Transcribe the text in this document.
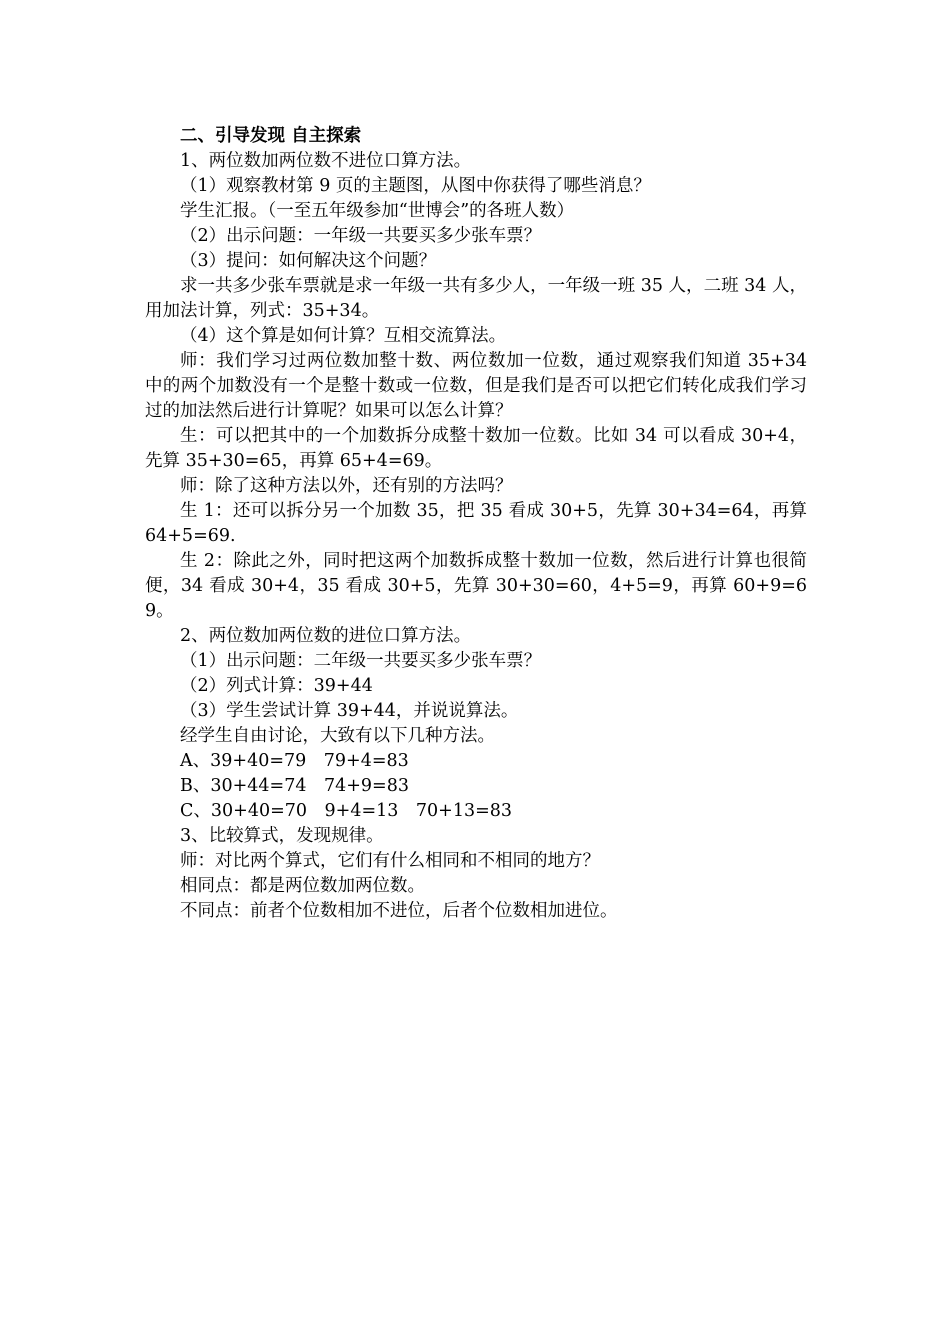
二、引导发现 自主探索

1、两位数加两位数不进位口算方法。

（1）观察教材第 9 页的主题图，从图中你获得了哪些消息？

学生汇报。（一至五年级参加“世博会”的各班人数）

（2）出示问题：一年级一共要买多少张车票？

（3）提问：如何解决这个问题？

求一共多少张车票就是求一年级一共有多少人，一年级一班 35 人，二班 34 人，用加法计算，列式：35+34。

（4）这个算是如何计算？互相交流算法。

师：我们学习过两位数加整十数、两位数加一位数，通过观察我们知道 35+34 中的两个加数没有一个是整十数或一位数，但是我们是否可以把它们转化成我们学习过的加法然后进行计算呢？如果可以怎么计算？

生：可以把其中的一个加数拆分成整十数加一位数。比如 34 可以看成 30+4，先算 35+30=65，再算 65+4=69。

师：除了这种方法以外，还有别的方法吗？

生 1：还可以拆分另一个加数 35，把 35 看成 30+5，先算 30+34=64，再算 64+5=69.

生 2：除此之外，同时把这两个加数拆成整十数加一位数，然后进行计算也很简便，34 看成 30+4，35 看成 30+5，先算 30+30=60，4+5=9，再算 60+9=69。

2、两位数加两位数的进位口算方法。

（1）出示问题：二年级一共要买多少张车票？

（2）列式计算：39+44

（3）学生尝试计算 39+44，并说说算法。

经学生自由讨论，大致有以下几种方法。

A、39+40=79　79+4=83

B、30+44=74　74+9=83

C、30+40=70　9+4=13　70+13=83

3、比较算式，发现规律。

师：对比两个算式，它们有什么相同和不相同的地方？

相同点：都是两位数加两位数。

不同点：前者个位数相加不进位，后者个位数相加进位。
